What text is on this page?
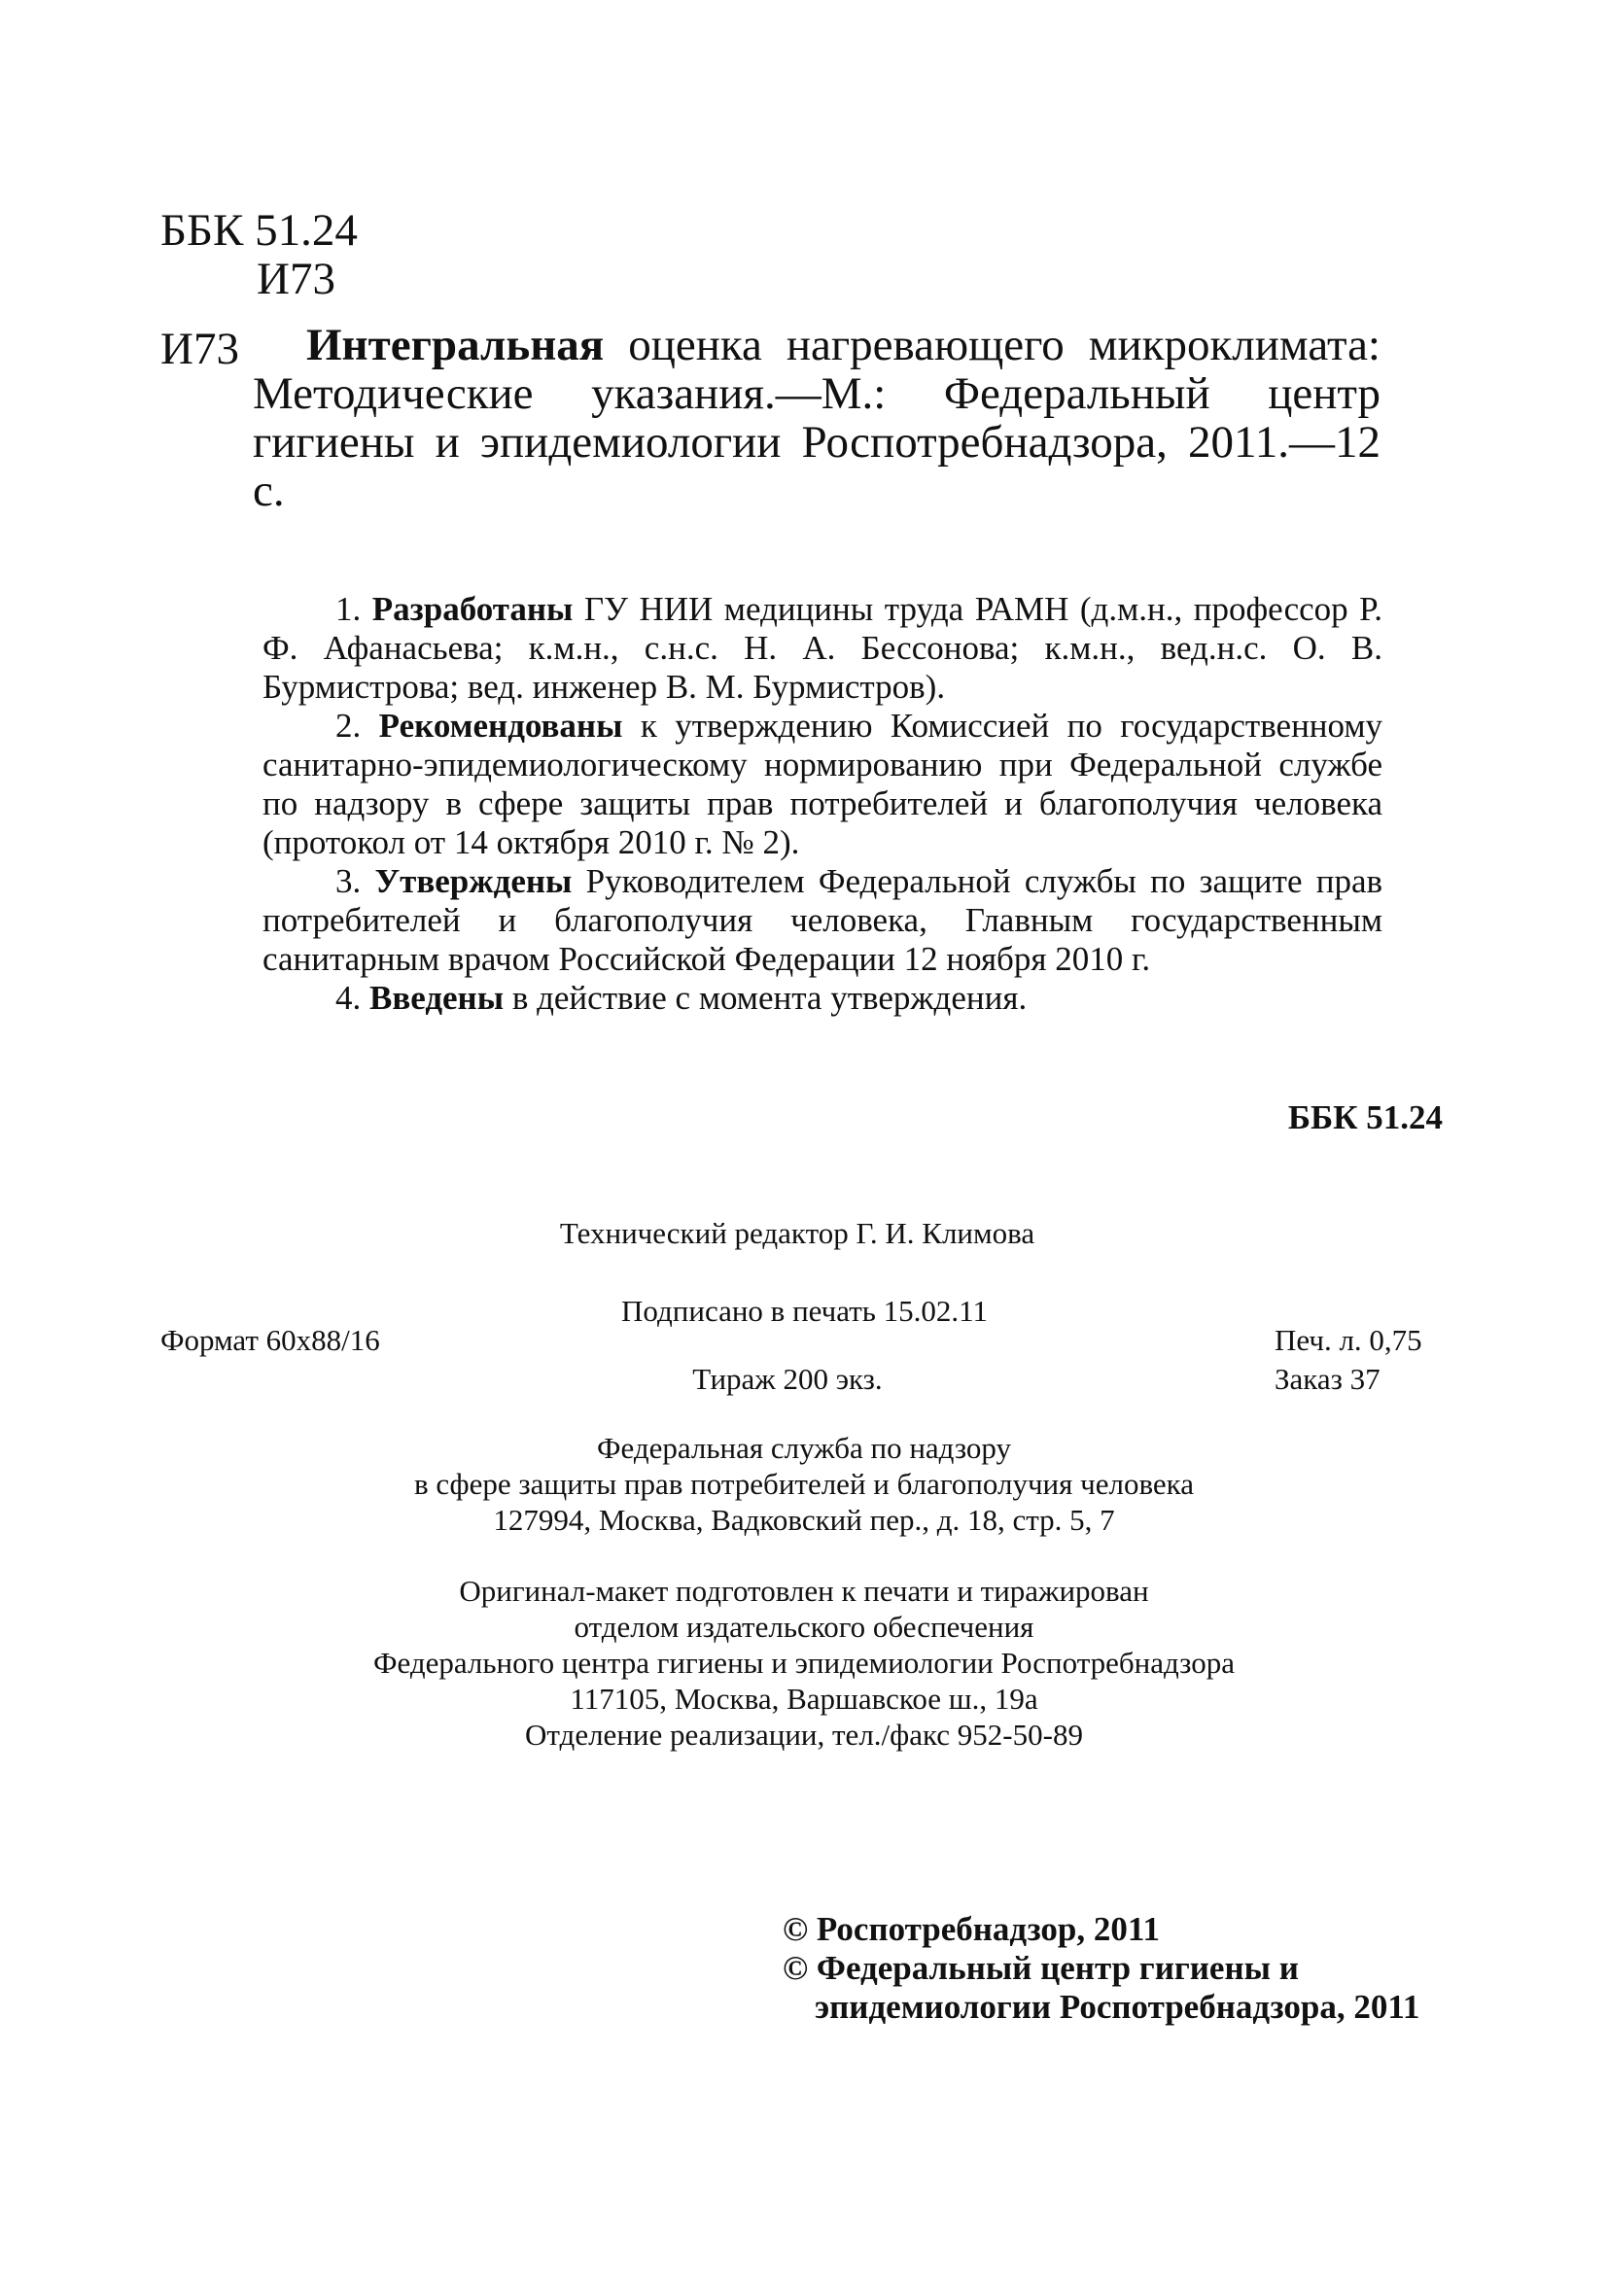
ББК 51.24
И73
И73	Интегральная оценка нагревающего микроклимата: Методические указания.—М.: Федеральный центр гигиены и эпидемиологии Роспотребнадзора, 2011.—12 с.

1. Разработаны ГУ НИИ медицины труда РАМН (д.м.н., профессор Р. Ф. Афанасьева; к.м.н., с.н.с. Н. А. Бессонова; к.м.н., вед.н.с. О. В. Бурмистрова; вед. инженер В. М. Бурмистров).

2. Рекомендованы к утверждению Комиссией по государственному санитарно-эпидемиологическому нормированию при Федеральной службе по надзору в сфере защиты прав потребителей и благополучия человека (протокол от 14 октября 2010 г. № 2).

3. Утверждены Руководителем Федеральной службы по защите прав потребителей и благополучия человека, Главным государственным санитарным врачом Российской Федерации 12 ноября 2010 г.

4. Введены в действие с момента утверждения.

ББК 51.24

Технический редактор Г. И. Климова

Подписано в печать 15.02.11

Формат 60x88/16	Печ. л. 0,75

Тираж 200 экз.	Заказ 37
Федеральная служба по надзору
в сфере защиты прав потребителей и благополучия человека
127994, Москва, Вадковский пер., д. 18, стр. 5, 7
Оригинал-макет подготовлен к печати и тиражирован
отделом издательского обеспечения
Федерального центра гигиены и эпидемиологии Роспотребнадзора
117105, Москва, Варшавское ш., 19а
Отделение реализации, тел./факс 952-50-89
© Роспотребнадзор, 2011
© Федеральный центр гигиены и
эпидемиологии Роспотребнадзора, 2011
